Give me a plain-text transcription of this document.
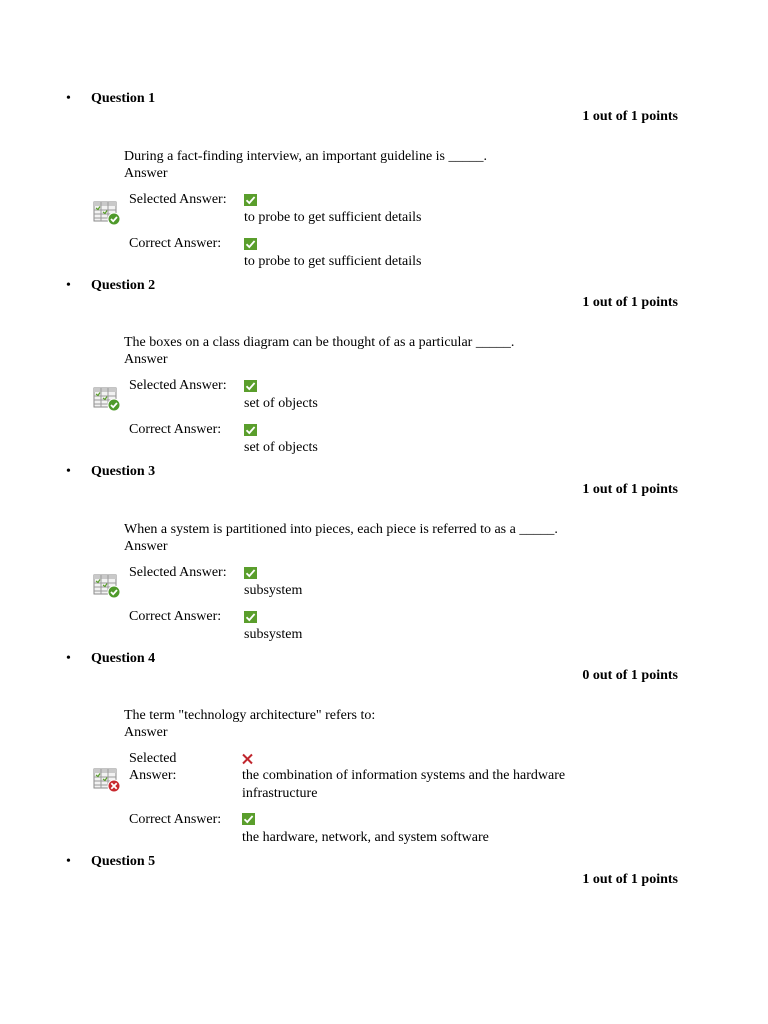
• Question 1
1 out of 1 points
During a fact-finding interview, an important guideline is _____.
Answer
Selected Answer:
to probe to get sufficient details
Correct Answer:
to probe to get sufficient details
• Question 2
1 out of 1 points
The boxes on a class diagram can be thought of as a particular _____.
Answer
Selected Answer:
set of objects
Correct Answer:
set of objects
• Question 3
1 out of 1 points
When a system is partitioned into pieces, each piece is referred to as a _____.
Answer
Selected Answer:
subsystem
Correct Answer:
subsystem
• Question 4
0 out of 1 points
The term "technology architecture" refers to:
Answer
Selected
Answer:	the combination of information systems and the hardware
infrastructure
Correct Answer:
the hardware, network, and system software
• Question 5
1 out of 1 points
